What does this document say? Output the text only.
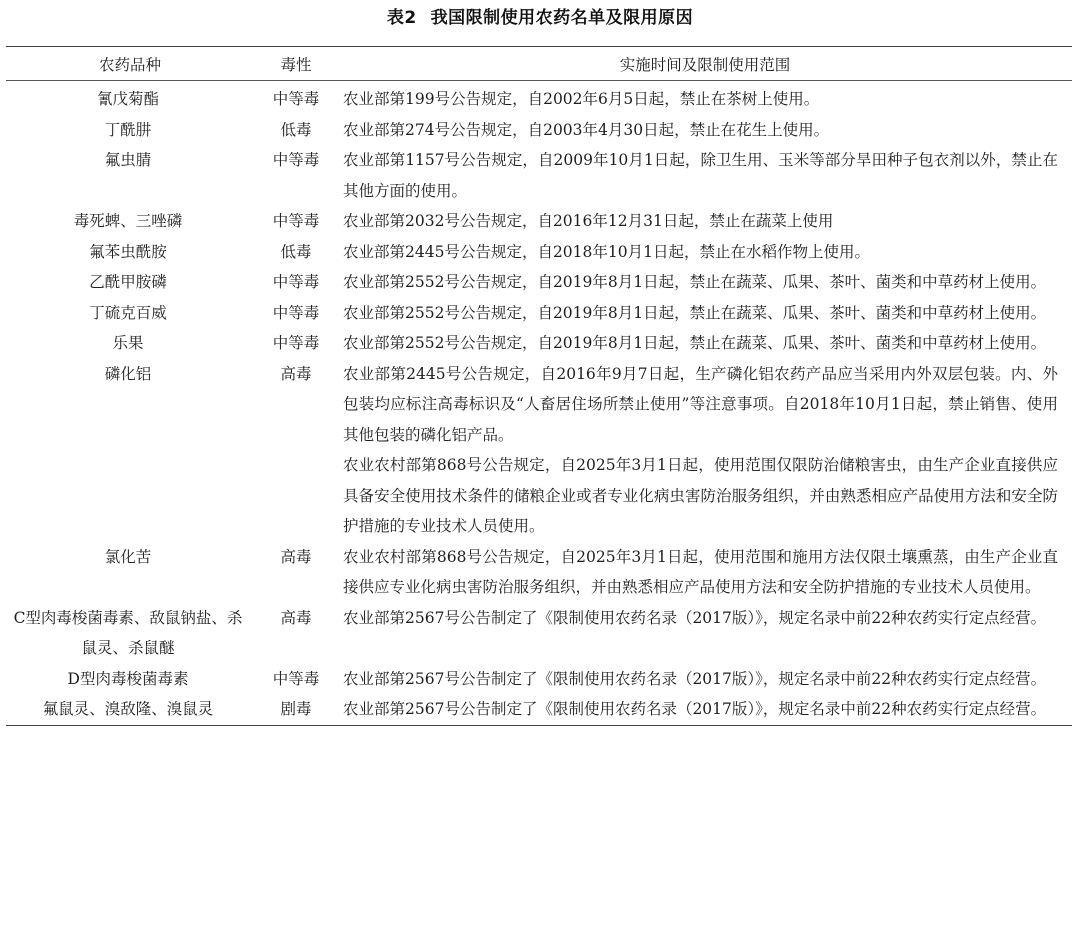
表2 我国限制使用农药名单及限用原因
农药品种	毒性	实施时间及限制使用范围
氰戊菊酯	中等毒	农业部第199号公告规定，自2002年6月5日起，禁止在茶树上使用。
丁酰肼	低毒	农业部第274号公告规定，自2003年4月30日起，禁止在花生上使用。
氟虫腈	中等毒	农业部第1157号公告规定，自2009年10月1日起，除卫生用、玉米等部分旱田种子包衣剂以外，禁止在其他方面的使用。
毒死蜱、三唑磷	中等毒	农业部第2032号公告规定，自2016年12月31日起，禁止在蔬菜上使用
氟苯虫酰胺	低毒	农业部第2445号公告规定，自2018年10月1日起，禁止在水稻作物上使用。
乙酰甲胺磷	中等毒	农业部第2552号公告规定，自2019年8月1日起，禁止在蔬菜、瓜果、茶叶、菌类和中草药材上使用。
丁硫克百威	中等毒	农业部第2552号公告规定，自2019年8月1日起，禁止在蔬菜、瓜果、茶叶、菌类和中草药材上使用。
乐果	中等毒	农业部第2552号公告规定，自2019年8月1日起，禁止在蔬菜、瓜果、茶叶、菌类和中草药材上使用。
磷化铝	高毒	农业部第2445号公告规定，自2016年9月7日起，生产磷化铝农药产品应当采用内外双层包装。内、外包装均应标注高毒标识及“人畜居住场所禁止使用”等注意事项。自2018年10月1日起，禁止销售、使用其他包装的磷化铝产品。
		农业农村部第868号公告规定，自2025年3月1日起，使用范围仅限防治储粮害虫，由生产企业直接供应具备安全使用技术条件的储粮企业或者专业化病虫害防治服务组织，并由熟悉相应产品使用方法和安全防护措施的专业技术人员使用。
氯化苦	高毒	农业农村部第868号公告规定，自2025年3月1日起，使用范围和施用方法仅限土壤熏蒸，由生产企业直接供应专业化病虫害防治服务组织，并由熟悉相应产品使用方法和安全防护措施的专业技术人员使用。
C型肉毒梭菌毒素、敌鼠钠盐、杀鼠灵、杀鼠醚	高毒	农业部第2567号公告制定了《限制使用农药名录（2017版）》，规定名录中前22种农药实行定点经营。
D型肉毒梭菌毒素	中等毒	农业部第2567号公告制定了《限制使用农药名录（2017版）》，规定名录中前22种农药实行定点经营。
氟鼠灵、溴敌隆、溴鼠灵	剧毒	农业部第2567号公告制定了《限制使用农药名录（2017版）》，规定名录中前22种农药实行定点经营。
